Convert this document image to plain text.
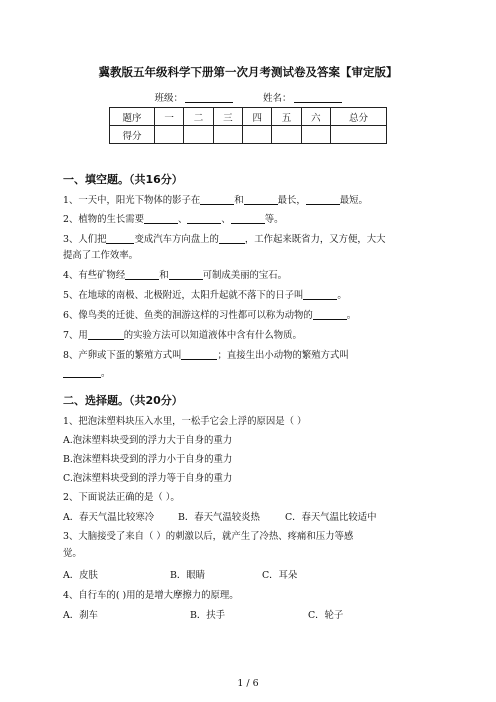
冀教版五年级科学下册第一次月考测试卷及答案【审定版】
班级：	姓名：
题序	一	二	三	四	五	六	总分
得分							
一、填空题。（共16分）
1、一天中，阳光下物体的影子在	和	最长，	最短。
2、植物的生长需要	、	、	等。
3、人们把	变成汽车方向盘上的	，工作起来既省力，又方便，大大
提高了工作效率。
4、有些矿物经	和	可制成美丽的宝石。
5、在地球的南极、北极附近，太阳升起就不落下的日子叫	。
6、像鸟类的迁徙、鱼类的洄游这样的习性都可以称为动物的	。
7、用	的实验方法可以知道液体中含有什么物质。
8、产卵或下蛋的繁殖方式叫	；直接生出小动物的繁殖方式叫
。
二、选择题。（共20分）
1、把泡沫塑料块压入水里，一松手它会上浮的原因是（ ）
A.泡沫塑料块受到的浮力大于自身的重力
B.泡沫塑料块受到的浮力小于自身的重力
C.泡沫塑料块受到的浮力等于自身的重力
2、下面说法正确的是（ ）。
A．春天气温比较寒冷	B．春天气温较炎热	C．春天气温比较适中
3、大脑接受了来自（ ）的刺激以后，就产生了冷热、疼痛和压力等感
觉。
A．皮肤	B．眼睛	C．耳朵
4、自行车的( )用的是增大摩擦力的原理。
A．刹车	B．扶手	C．轮子
1 / 6
